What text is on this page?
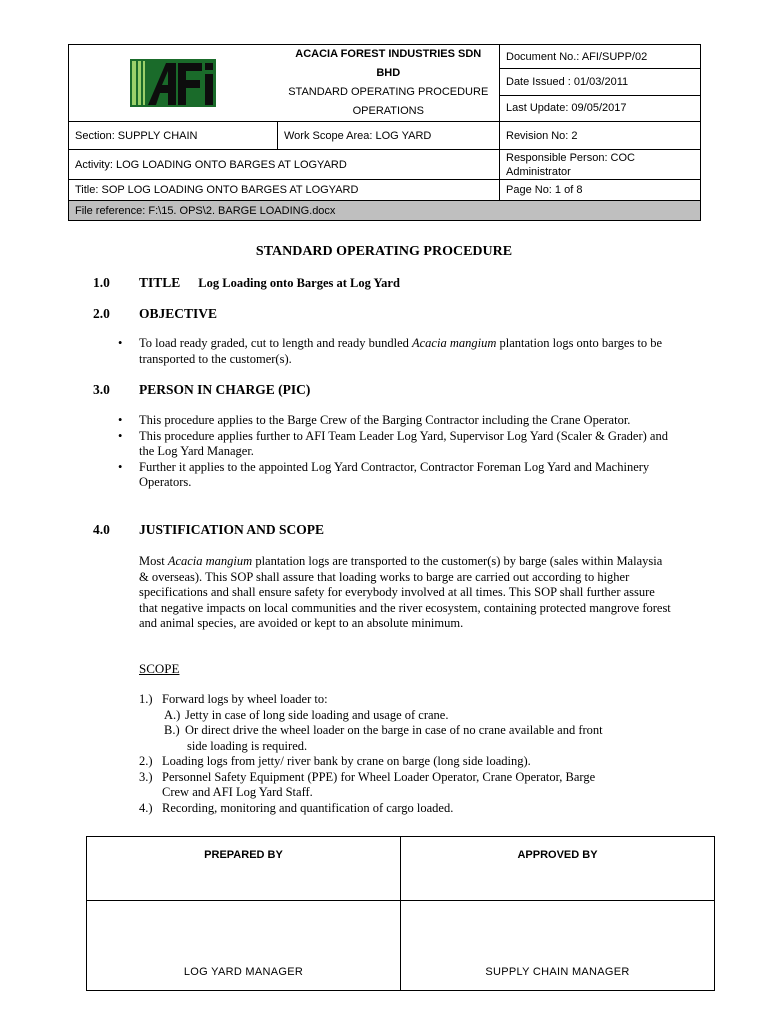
ACACIA FOREST INDUSTRIES SDN BHD
STANDARD OPERATING PROCEDURE
OPERATIONS	Document No.: AFI/SUPP/02
		Date Issued : 01/03/2011
		Last Update: 09/05/2017
Section: SUPPLY CHAIN	Work Scope Area: LOG YARD	Revision No: 2
Activity: LOG LOADING ONTO BARGES AT LOGYARD		Responsible Person: COC Administrator
Title: SOP LOG LOADING ONTO BARGES AT LOGYARD		Page No: 1 of 8
File reference: F:\15. OPS\2. BARGE LOADING.docx		
STANDARD OPERATING PROCEDURE
1.0 TITLE Log Loading onto Barges at Log Yard
2.0 OBJECTIVE
• To load ready graded, cut to length and ready bundled Acacia mangium plantation logs onto barges to be transported to the customer(s).
3.0 PERSON IN CHARGE (PIC)
• This procedure applies to the Barge Crew of the Barging Contractor including the Crane Operator.
• This procedure applies further to AFI Team Leader Log Yard, Supervisor Log Yard (Scaler & Grader) and the Log Yard Manager.
• Further it applies to the appointed Log Yard Contractor, Contractor Foreman Log Yard and Machinery Operators.
4.0 JUSTIFICATION AND SCOPE
Most Acacia mangium plantation logs are transported to the customer(s) by barge (sales within Malaysia & overseas). This SOP shall assure that loading works to barge are carried out according to higher specifications and shall ensure safety for everybody involved at all times. This SOP shall further assure that negative impacts on local communities and the river ecosystem, containing protected mangrove forest and animal species, are avoided or kept to an absolute minimum.
SCOPE
1.) Forward logs by wheel loader to:
A.) Jetty in case of long side loading and usage of crane.
B.) Or direct drive the wheel loader on the barge in case of no crane available and front
side loading is required.
2.) Loading logs from jetty/ river bank by crane on barge (long side loading).
3.) Personnel Safety Equipment (PPE) for Wheel Loader Operator, Crane Operator, Barge
Crew and AFI Log Yard Staff.
4.) Recording, monitoring and quantification of cargo loaded.
PREPARED BY	APPROVED BY
LOG YARD MANAGER	SUPPLY CHAIN MANAGER
